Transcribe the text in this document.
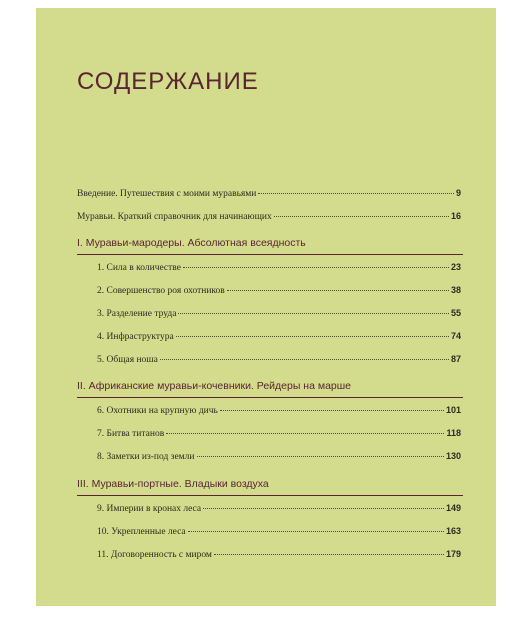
СОДЕРЖАНИЕ
Введение. Путешествия с моими муравьями	9
Муравьи. Краткий справочник для начинающих	16
I. Муравьи-мародеры. Абсолютная всеядность
1. Сила в количестве	23
2. Совершенство роя охотников	38
3. Разделение труда	55
4. Инфраструктура	74
5. Общая ноша	87
II. Африканские муравьи-кочевники. Рейдеры на марше
6. Охотники на крупную дичь	101
7. Битва титанов	118
8. Заметки из-под земли	130
III. Муравьи-портные. Владыки воздуха
9. Империи в кронах леса	149
10. Укрепленные леса	163
11. Договоренность с миром	179
